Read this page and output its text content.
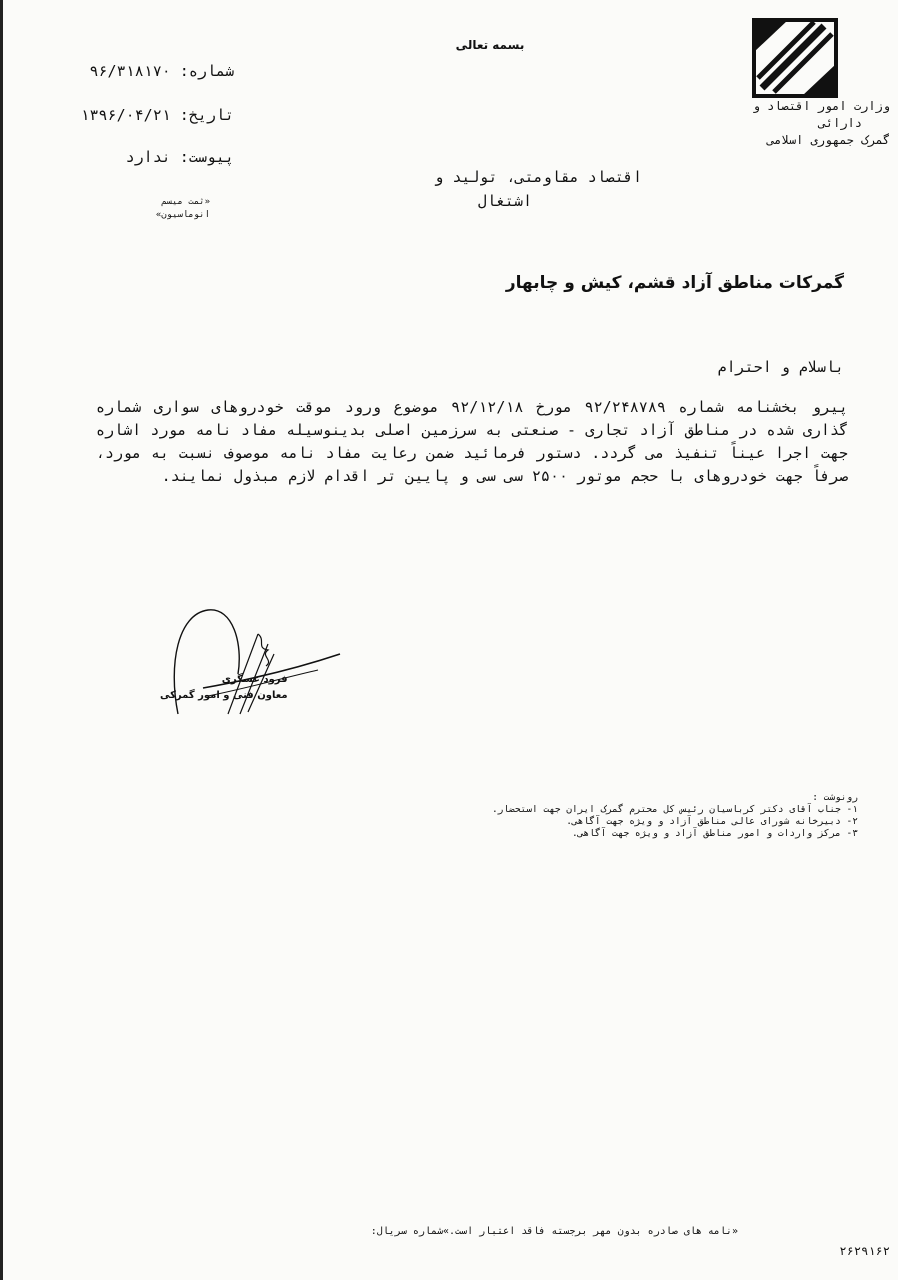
بسمه تعالی
وزارت امور اقتصاد و
دارائی
گمرک جمهوری اسلامی
شماره: ۹۶/۳۱۸۱۷۰
تاریخ: ۱۳۹۶/۰۴/۲۱
پیوست: ندارد
«ثمت میسم
انوماسیون»
اقتصاد مقاومتی، تولید و
اشتغال
گمرکات مناطق آزاد قشم، کیش و چابهار
باسلام و احترام
پیرو بخشنامه شماره ۹۲/۲۴۸۷۸۹ مورخ ۹۲/۱۲/۱۸ موضوع ورود موقت خودروهای سواری شماره گذاری شده در مناطق آزاد تجاری - صنعتی به سرزمین اصلی بدینوسیله مفاد نامه مورد اشاره جهت اجرا عیناً تنفیذ می گردد. دستور فرمائید ضمن رعایت مفاد نامه موصوف نسبت به مورد، صرفاً جهت خودروهای با حجم موتور ۲۵۰۰ سی سی و پایین تر اقدام لازم مبذول نمایند.
فرود عسگری
معاون فنی و امور گمرکی
رونوشت :
۱- جناب آقای دکتر کرباسیان رئیس کل محترم گمرک ایران جهت استحضار.
۲- دبیرخانه شورای عالی مناطق آزاد و ویژه جهت آگاهی.
۳- مرکز واردات و امور مناطق آزاد و ویژه جهت آگاهی.
«نامه های صادره بدون مهر برجسته فاقد اعتبار است.»شماره سریال:
۲۶۲۹۱۶۲
